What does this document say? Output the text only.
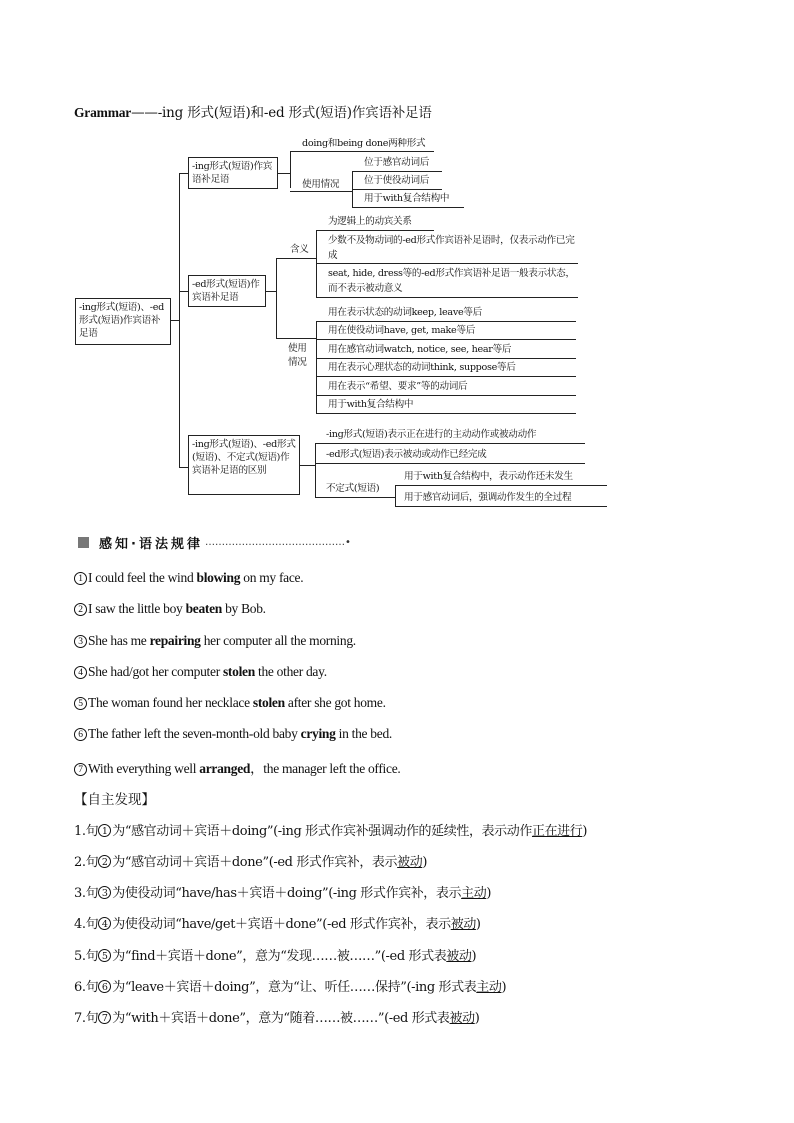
Grammar——-ing 形式(短语)和-ed 形式(短语)作宾语补足语
-ing形式(短语)、-ed形式(短语)作宾语补足语
-ing形式(短语)作宾语补足语
doing和being done两种形式
使用情况
位于感官动词后
位于使役动词后
用于with复合结构中
-ed形式(短语)作宾语补足语
含义
为逻辑上的动宾关系
少数不及物动词的-ed形式作宾语补足语时，仅表示动作已完成
seat, hide, dress等的-ed形式作宾语补足语一般表示状态，而不表示被动意义
使用情况
用在表示状态的动词keep, leave等后
用在使役动词have, get, make等后
用在感官动词watch, notice, see, hear等后
用在表示心理状态的动词think, suppose等后
用在表示“希望、要求”等的动词后
用于with复合结构中
-ing形式(短语)、-ed形式(短语)、不定式(短语)作宾语补足语的区别
-ing形式(短语)表示正在进行的主动动作或被动动作
-ed形式(短语)表示被动或动作已经完成
不定式(短语)
用于with复合结构中，表示动作还未发生
用于感官动词后，强调动作发生的全过程
感知·语法规律 ……………………………………•
1 I could feel the wind blowing on my face.
2 I saw the little boy beaten by Bob.
3 She has me repairing her computer all the morning.
4 She had/got her computer stolen the other day.
5 The woman found her necklace stolen after she got home.
6 The father left the seven-month-old baby crying in the bed.
7 With everything well arranged，the manager left the office.
【自主发现】
1.句 1 为“感官动词＋宾语＋doing”(-ing 形式作宾补强调动作的延续性，表示动作正在进行)
2.句 2 为“感官动词＋宾语＋done”(-ed 形式作宾补，表示被动)
3.句 3 为使役动词“have/has＋宾语＋doing”(-ing 形式作宾补，表示主动)
4.句 4 为使役动词“have/get＋宾语＋done”(-ed 形式作宾补，表示被动)
5.句 5 为“find＋宾语＋done”，意为“发现……被……”(-ed 形式表被动)
6.句 6 为“leave＋宾语＋doing”，意为“让、听任……保持”(-ing 形式表主动)
7.句 7 为“with＋宾语＋done”，意为“随着……被……”(-ed 形式表被动)
